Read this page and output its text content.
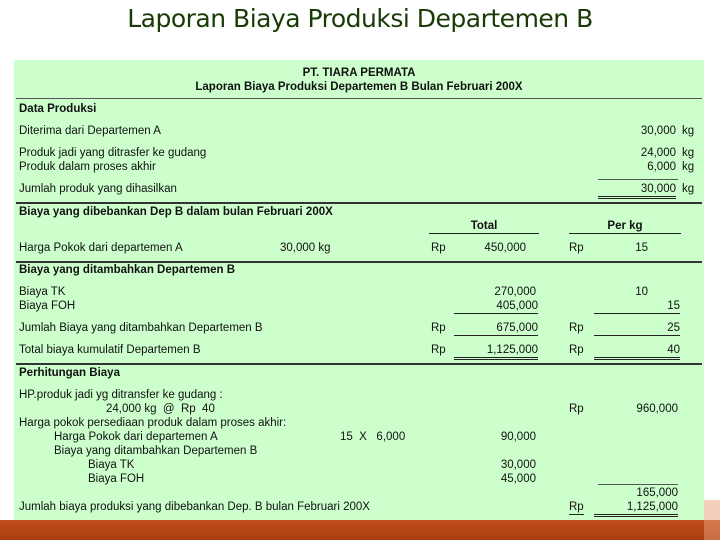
Laporan Biaya Produksi Departemen B
PT. TIARA PERMATA
Laporan Biaya Produksi Departemen B Bulan Februari 200X
Data Produksi
Diterima dari Departemen A	30,000 kg
Produk jadi yang ditrasfer ke gudang	24,000 kg
Produk dalam proses akhir	6,000 kg
Jumlah produk yang dihasilkan	30,000 kg
Biaya yang dibebankan Dep B dalam bulan Februari 200X
Total	Per kg
Harga Pokok dari departemen A	30,000 kg	Rp	450,000	Rp	15
Biaya yang ditambahkan Departemen B
Biaya TK	270,000	10
Biaya FOH	405,000	15
Jumlah Biaya yang ditambahkan Departemen B	Rp	675,000	Rp	25
Total biaya kumulatif Departemen B	Rp	1,125,000	Rp	40
Perhitungan Biaya
HP.produk jadi yg ditransfer ke gudang :
24,000 kg  @  Rp  40	Rp	960,000
Harga pokok persediaan produk dalam proses akhir:
Harga Pokok dari departemen A	15  X   6,000	90,000
Biaya yang ditambahkan Departemen B
Biaya TK	30,000
Biaya FOH	45,000
165,000
Jumlah biaya produksi yang dibebankan Dep. B bulan Februari 200X	Rp	1,125,000
